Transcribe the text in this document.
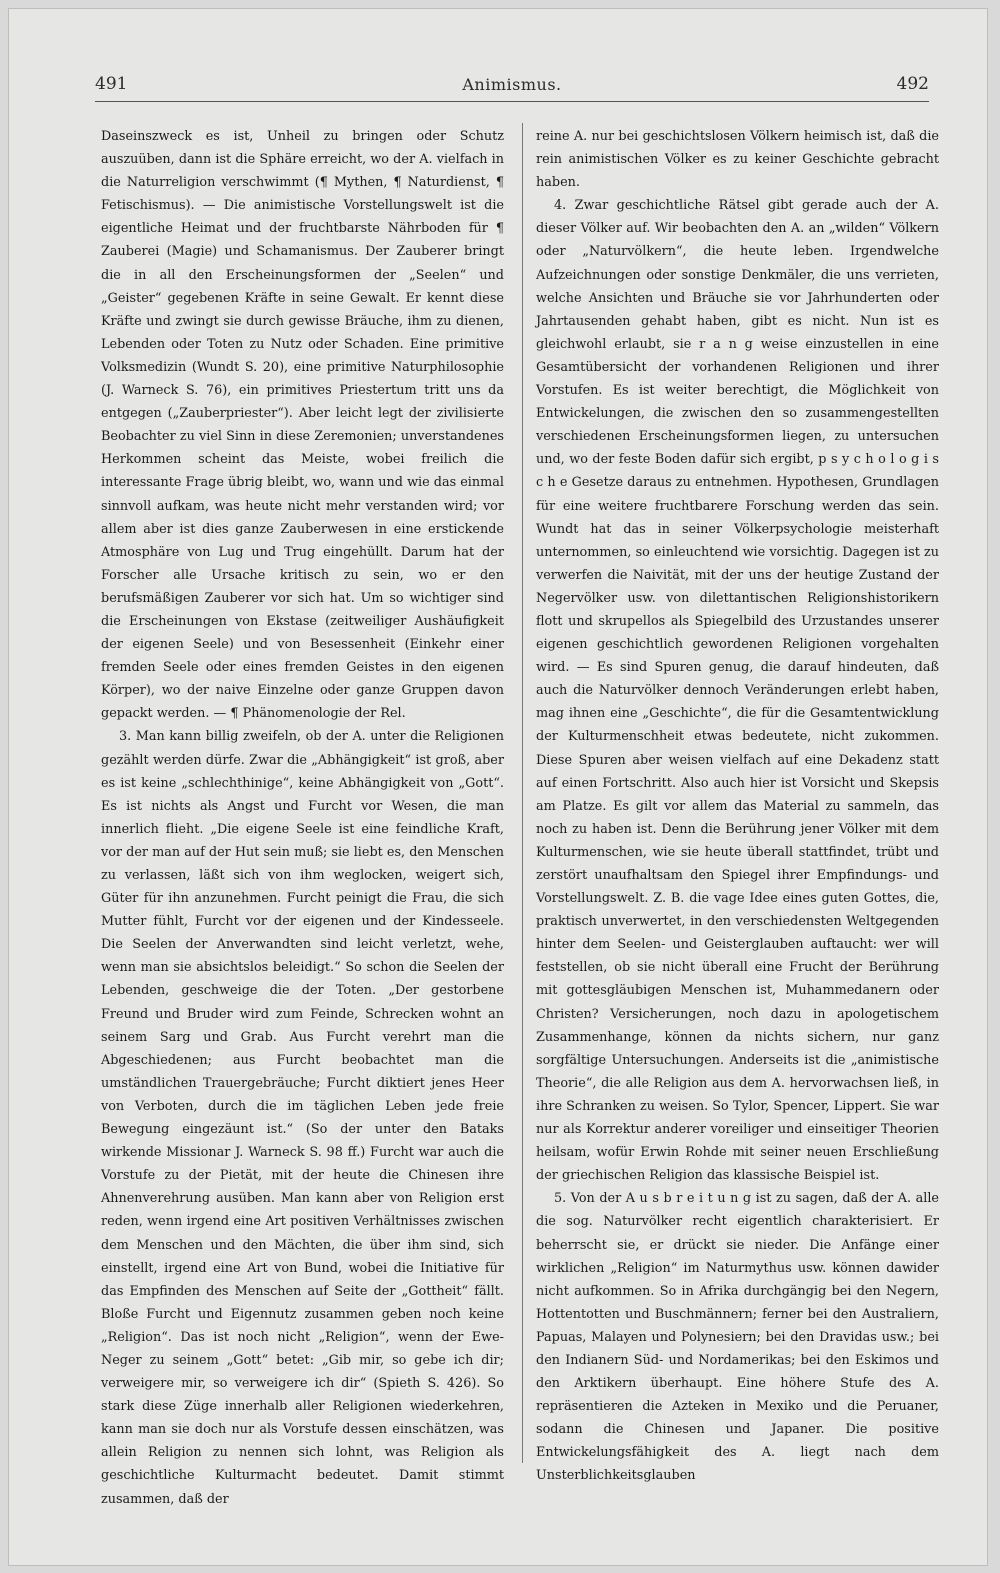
491	Animismus.	492

Daseinszweck es ist, Unheil zu bringen oder Schutz auszuüben, dann ist die Sphäre erreicht, wo der A. vielfach in die Naturreligion verschwimmt (¶ Mythen, ¶ Naturdienst, ¶ Fetischismus). — Die animistische Vorstellungswelt ist die eigentliche Heimat und der fruchtbarste Nährboden für ¶ Zauberei (Magie) und Schamanismus. Der Zauberer bringt die in all den Erscheinungsformen der „Seelen“ und „Geister“ gegebenen Kräfte in seine Gewalt. Er kennt diese Kräfte und zwingt sie durch gewisse Bräuche, ihm zu dienen, Lebenden oder Toten zu Nutz oder Schaden. Eine primitive Volksmedizin (Wundt S. 20), eine primitive Naturphilosophie (J. Warneck S. 76), ein primitives Priestertum tritt uns da entgegen („Zauberpriester“). Aber leicht legt der zivilisierte Beobachter zu viel Sinn in diese Zeremonien; unverstandenes Herkommen scheint das Meiste, wobei freilich die interessante Frage übrig bleibt, wo, wann und wie das einmal sinnvoll aufkam, was heute nicht mehr verstanden wird; vor allem aber ist dies ganze Zauberwesen in eine erstickende Atmosphäre von Lug und Trug eingehüllt. Darum hat der Forscher alle Ursache kritisch zu sein, wo er den berufsmäßigen Zauberer vor sich hat. Um so wichtiger sind die Erscheinungen von Ekstase (zeitweiliger Aushäufigkeit der eigenen Seele) und von Besessenheit (Einkehr einer fremden Seele oder eines fremden Geistes in den eigenen Körper), wo der naive Einzelne oder ganze Gruppen davon gepackt werden. — ¶ Phänomenologie der Rel.

3. Man kann billig zweifeln, ob der A. unter die Religionen gezählt werden dürfe. Zwar die „Abhängigkeit“ ist groß, aber es ist keine „schlechthinige“, keine Abhängigkeit von „Gott“. Es ist nichts als Angst und Furcht vor Wesen, die man innerlich flieht. „Die eigene Seele ist eine feindliche Kraft, vor der man auf der Hut sein muß; sie liebt es, den Menschen zu verlassen, läßt sich von ihm weglocken, weigert sich, Güter für ihn anzunehmen. Furcht peinigt die Frau, die sich Mutter fühlt, Furcht vor der eigenen und der Kindesseele. Die Seelen der Anverwandten sind leicht verletzt, wehe, wenn man sie absichtslos beleidigt.“ So schon die Seelen der Lebenden, geschweige die der Toten. „Der gestorbene Freund und Bruder wird zum Feinde, Schrecken wohnt an seinem Sarg und Grab. Aus Furcht verehrt man die Abgeschiedenen; aus Furcht beobachtet man die umständlichen Trauergebräuche; Furcht diktiert jenes Heer von Verboten, durch die im täglichen Leben jede freie Bewegung eingezäunt ist.“ (So der unter den Bataks wirkende Missionar J. Warneck S. 98 ff.) Furcht war auch die Vorstufe zu der Pietät, mit der heute die Chinesen ihre Ahnenverehrung ausüben. Man kann aber von Religion erst reden, wenn irgend eine Art positiven Verhältnisses zwischen dem Menschen und den Mächten, die über ihm sind, sich einstellt, irgend eine Art von Bund, wobei die Initiative für das Empfinden des Menschen auf Seite der „Gottheit“ fällt. Bloße Furcht und Eigennutz zusammen geben noch keine „Religion“. Das ist noch nicht „Religion“, wenn der Ewe-Neger zu seinem „Gott“ betet: „Gib mir, so gebe ich dir; verweigere mir, so verweigere ich dir“ (Spieth S. 426). So stark diese Züge innerhalb aller Religionen wiederkehren, kann man sie doch nur als Vorstufe dessen einschätzen, was allein Religion zu nennen sich lohnt, was Religion als geschichtliche Kulturmacht bedeutet. Damit stimmt zusammen, daß der

reine A. nur bei geschichtslosen Völkern heimisch ist, daß die rein animistischen Völker es zu keiner Geschichte gebracht haben.

4. Zwar geschichtliche Rätsel gibt gerade auch der A. dieser Völker auf. Wir beobachten den A. an „wilden“ Völkern oder „Naturvölkern“, die heute leben. Irgendwelche Aufzeichnungen oder sonstige Denkmäler, die uns verrieten, welche Ansichten und Bräuche sie vor Jahrhunderten oder Jahrtausenden gehabt haben, gibt es nicht. Nun ist es gleichwohl erlaubt, sie r a n g weise einzustellen in eine Gesamtübersicht der vorhandenen Religionen und ihrer Vorstufen. Es ist weiter berechtigt, die Möglichkeit von Entwickelungen, die zwischen den so zusammengestellten verschiedenen Erscheinungsformen liegen, zu untersuchen und, wo der feste Boden dafür sich ergibt, p s y c h o l o g i s c h e Gesetze daraus zu entnehmen. Hypothesen, Grundlagen für eine weitere fruchtbarere Forschung werden das sein. Wundt hat das in seiner Völkerpsychologie meisterhaft unternommen, so einleuchtend wie vorsichtig. Dagegen ist zu verwerfen die Naivität, mit der uns der heutige Zustand der Negervölker usw. von dilettantischen Religionshistorikern flott und skrupellos als Spiegelbild des Urzustandes unserer eigenen geschichtlich gewordenen Religionen vorgehalten wird. — Es sind Spuren genug, die darauf hindeuten, daß auch die Naturvölker dennoch Veränderungen erlebt haben, mag ihnen eine „Geschichte“, die für die Gesamtentwicklung der Kulturmenschheit etwas bedeutete, nicht zukommen. Diese Spuren aber weisen vielfach auf eine Dekadenz statt auf einen Fortschritt. Also auch hier ist Vorsicht und Skepsis am Platze. Es gilt vor allem das Material zu sammeln, das noch zu haben ist. Denn die Berührung jener Völker mit dem Kulturmenschen, wie sie heute überall stattfindet, trübt und zerstört unaufhaltsam den Spiegel ihrer Empfindungs- und Vorstellungswelt. Z. B. die vage Idee eines guten Gottes, die, praktisch unverwertet, in den verschiedensten Weltgegenden hinter dem Seelen- und Geisterglauben auftaucht: wer will feststellen, ob sie nicht überall eine Frucht der Berührung mit gottesgläubigen Menschen ist, Muhammedanern oder Christen? Versicherungen, noch dazu in apologetischem Zusammenhange, können da nichts sichern, nur ganz sorgfältige Untersuchungen. Anderseits ist die „animistische Theorie“, die alle Religion aus dem A. hervorwachsen ließ, in ihre Schranken zu weisen. So Tylor, Spencer, Lippert. Sie war nur als Korrektur anderer voreiliger und einseitiger Theorien heilsam, wofür Erwin Rohde mit seiner neuen Erschließung der griechischen Religion das klassische Beispiel ist.

5. Von der A u s b r e i t u n g ist zu sagen, daß der A. alle die sog. Naturvölker recht eigentlich charakterisiert. Er beherrscht sie, er drückt sie nieder. Die Anfänge einer wirklichen „Religion“ im Naturmythus usw. können dawider nicht aufkommen. So in Afrika durchgängig bei den Negern, Hottentotten und Buschmännern; ferner bei den Australiern, Papuas, Malayen und Polynesiern; bei den Dravidas usw.; bei den Indianern Süd- und Nordamerikas; bei den Eskimos und den Arktikern überhaupt. Eine höhere Stufe des A. repräsentieren die Azteken in Mexiko und die Peruaner, sodann die Chinesen und Japaner. Die positive Entwickelungsfähigkeit des A. liegt nach dem Unsterblichkeitsglauben
